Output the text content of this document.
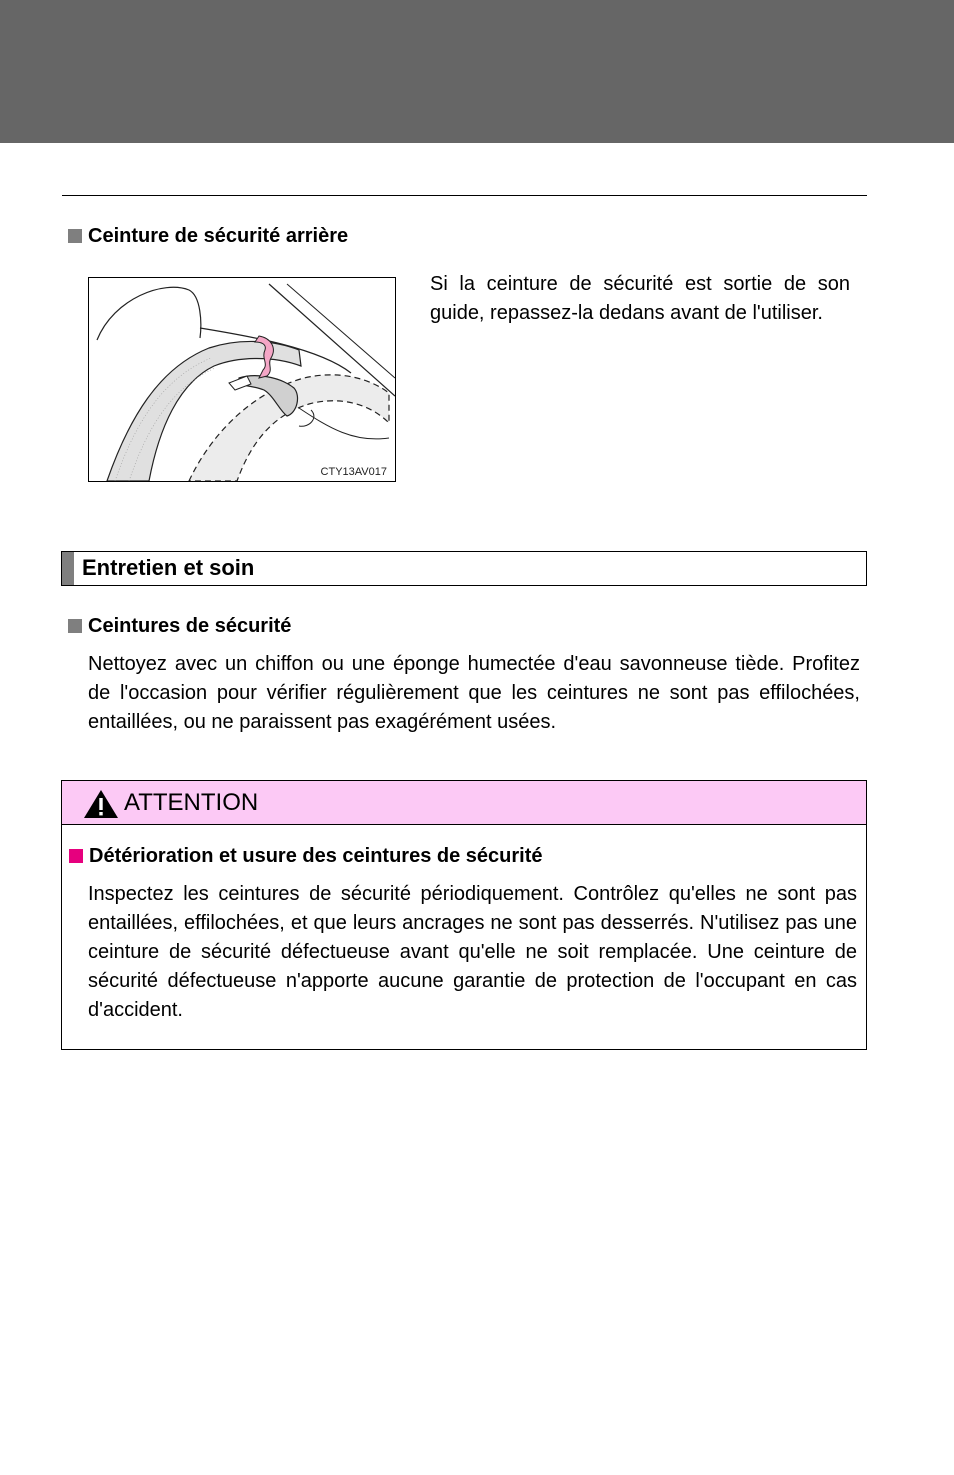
Ceinture de sécurité arrière
CTY13AV017
Si la ceinture de sécurité est sortie de son guide, repassez-la dedans avant de l'utiliser.
Entretien et soin
Ceintures de sécurité
Nettoyez avec un chiffon ou une éponge humectée d'eau savonneuse tiède. Profitez de l'occasion pour vérifier régulièrement que les ceintures ne sont pas effilochées, entaillées, ou ne paraissent pas exagérément usées.
ATTENTION
Détérioration et usure des ceintures de sécurité
Inspectez les ceintures de sécurité périodiquement. Contrôlez qu'elles ne sont pas entaillées, effilochées, et que leurs ancrages ne sont pas desserrés. N'utilisez pas une ceinture de sécurité défectueuse avant qu'elle ne soit remplacée. Une ceinture de sécurité défectueuse n'apporte aucune garantie de protection de l'occupant en cas d'accident.
